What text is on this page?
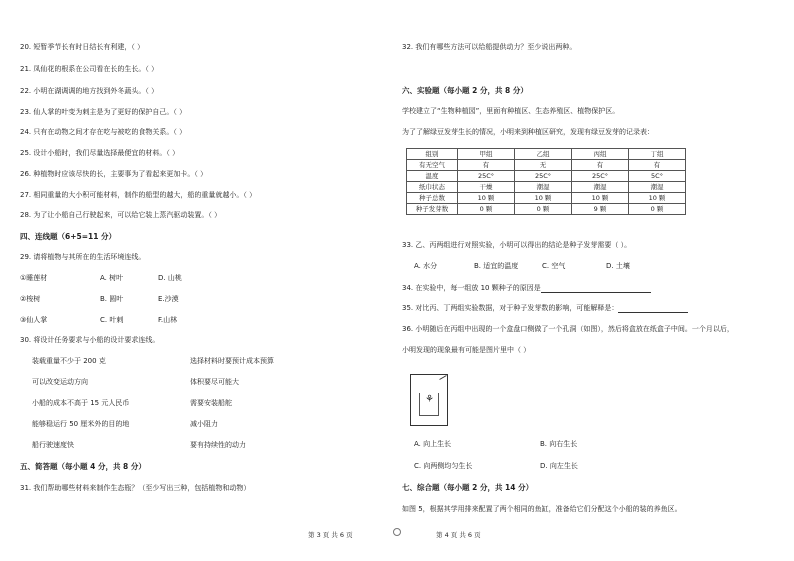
20. 短暂季节长有时日结长有利建，（ ）
21. 凤仙花的根系在公司看在长的生长。（ ）
22. 小明在湖调调的地方找到外冬蔬头。（ ）
23. 仙人掌的叶变为刺主是为了更好的保护自己。（ ）
24. 只有在动物之间才存在吃与被吃的食物关系。（ ）
25. 设计小船时，我们尽量选择最便宜的材料。（ ）
26. 种植物时应该尽快的长，主要事为了看起来更加卡。（ ）
27. 相同重量的大小积可能材料，制作的船型的越大，船的重量就越小。（ ）
28. 为了让小船自己行驶起来，可以给它装上蒸汽驱动装置。（ ）
四、连线题（6+5=11 分）
29. 请将植物与其所在的生活环境连线。
①睡莲材	A. 树叶	D. 山桃
②梭树	B. 圆叶	E.沙漠
③仙人掌	C. 叶刺	F.山林
30. 将设计任务要求与小船的设计要求连线。
装载重量不少于 200 克	选择材料时要预计成本预算
可以改变运动方向	体积要尽可能大
小船的成本不高于 15 元人民币	需要安装船舵
能够稳运行 50 厘米外的目的地	减小阻力
船行驶速度快	要有持续性的动力
五、简答题（每小题 4 分，共 8 分）
31. 我们帮助哪些材料来制作生态瓶？（至少写出三种，包括植物和动物）
第 3 页 共 6 页
32. 我们有哪些方法可以给船提供动力？至少说出两种。
六、实验题（每小题 2 分，共 8 分）
学校建立了“生物种植园”，里面有种植区、生态养殖区、植物保护区。
为了了解绿豆发芽生长的情况，小明来到种植区研究，发现有绿豆发芽的记录表：
组别	甲组	乙组	丙组	丁组
有无空气	有	无	有	有
温度	25C°	25C°	25C°	5C°
纸巾状态	干燥	潮湿	潮湿	潮湿
种子总数	10 颗	10 颗	10 颗	10 颗
种子发芽数	0 颗	0 颗	9 颗	0 颗
33. 乙、丙两组进行对照实验，小明可以得出的结论是种子发芽需要（ ）。
A. 水分	B. 适宜的温度	C. 空气	D. 土壤
34. 在实验中，每一组放 10 颗种子的原因是
35. 对比丙、丁两组实验数据，对于种子发芽数的影响，可能解释是：
36. 小明随后在丙组中出现的一个盒盘口侧做了一个孔洞（如图），然后将盒放在纸盒子中间。一个月以后，
小明发现的现象最有可能是图片里中（ ）
⚘
A. 向上生长	B. 向右生长
C. 向两侧均匀生长	D. 向左生长
七、综合题（每小题 2 分，共 14 分）
如图 5，根据其学用排来配置了两个相同的鱼缸，准备给它们分配这个小船的装的养鱼区。
第 4 页 共 6 页
